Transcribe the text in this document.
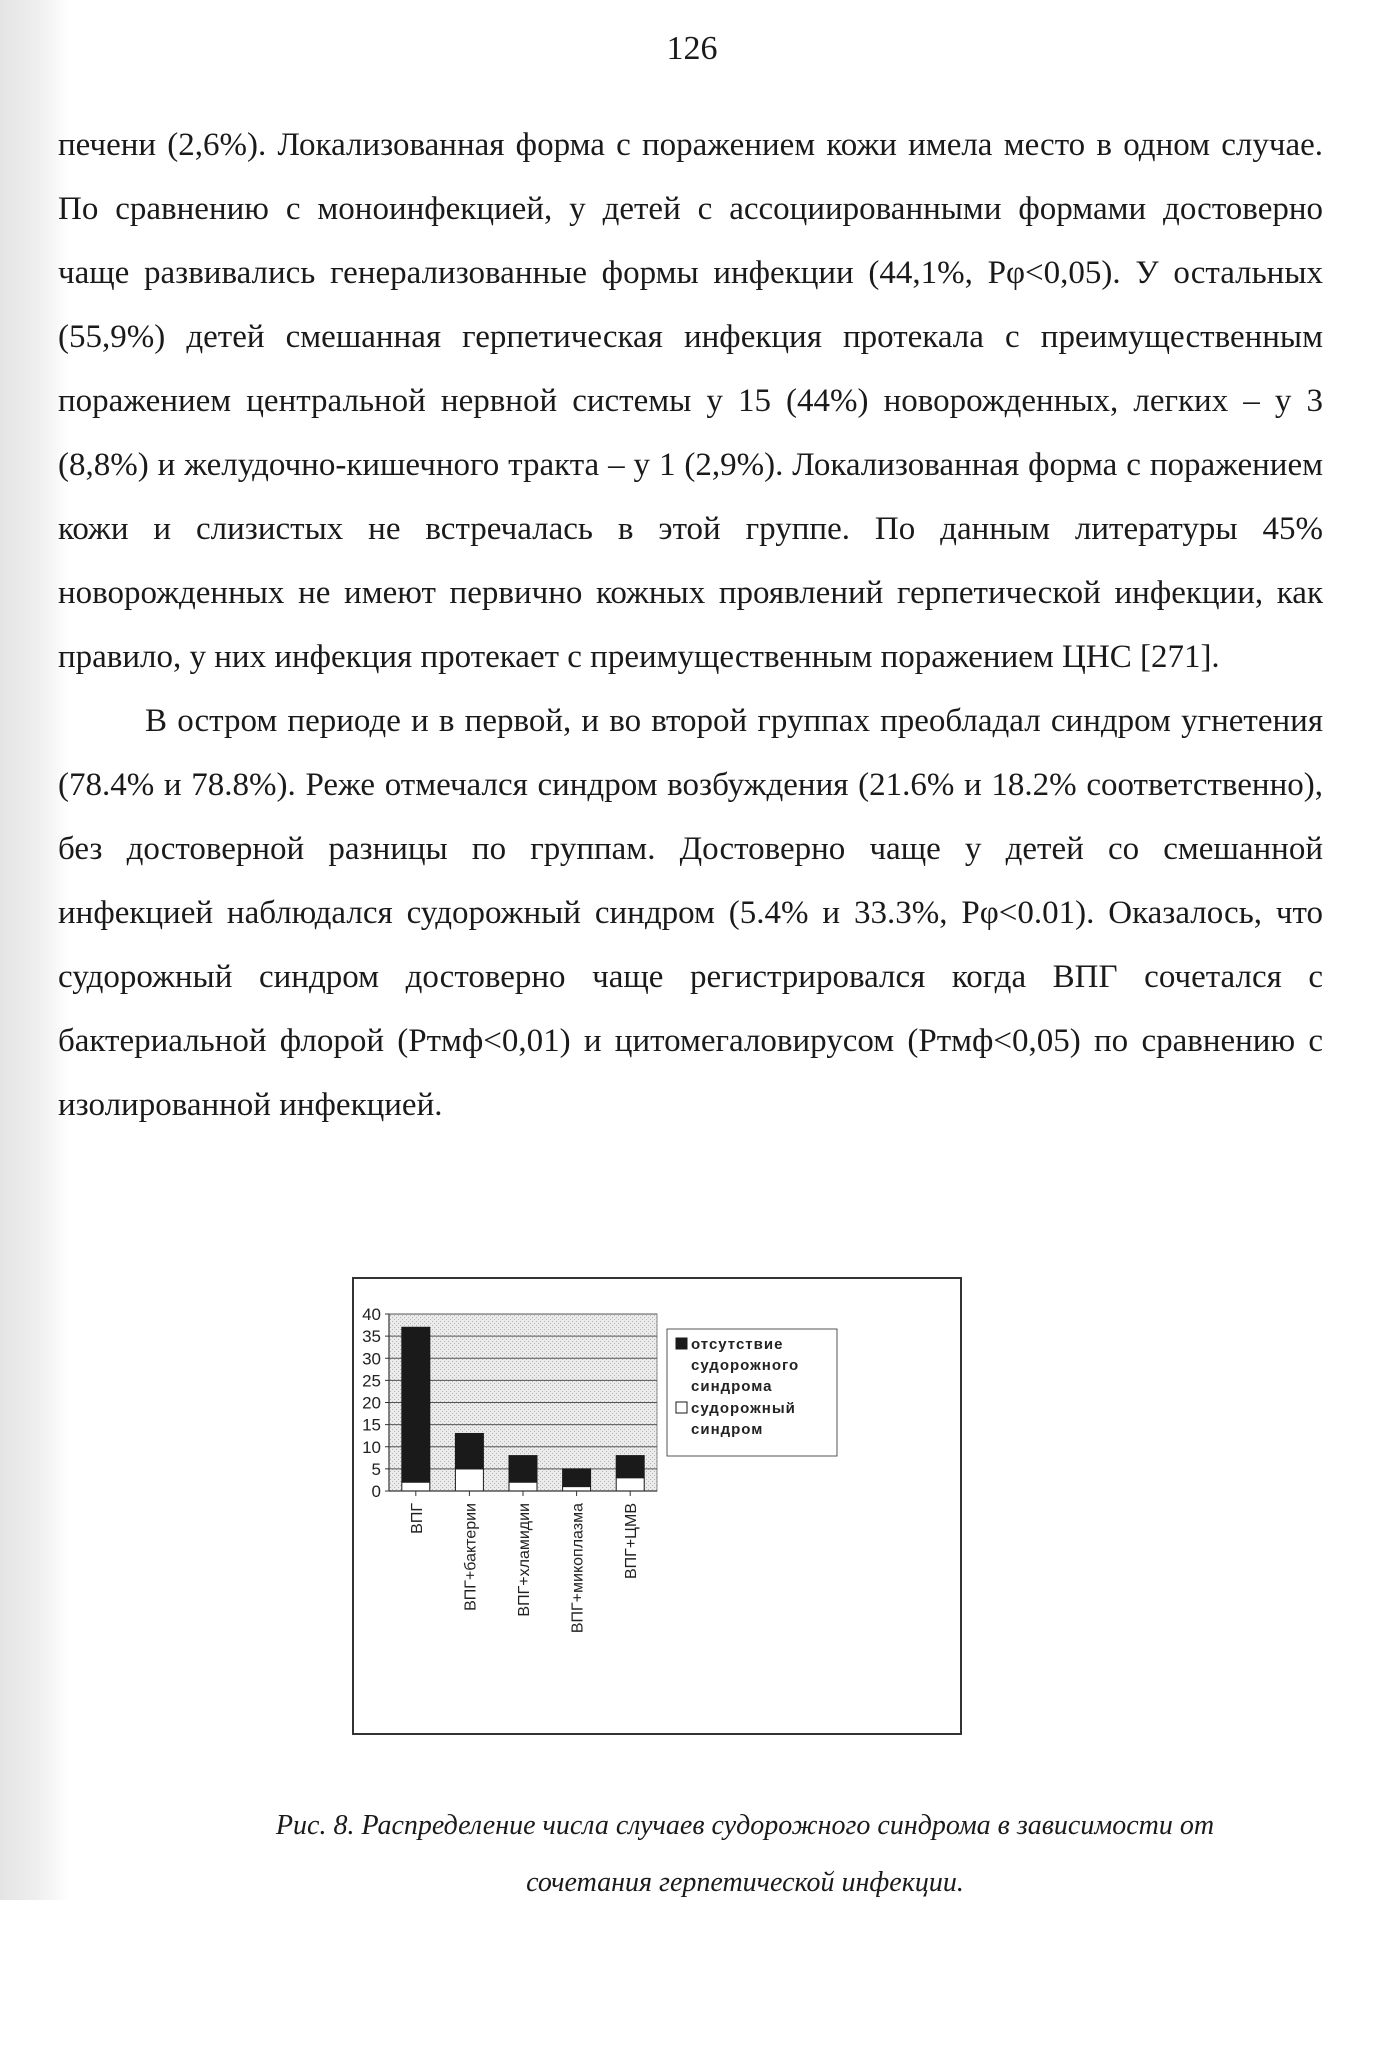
126

печени (2,6%). Локализованная форма с поражением кожи имела место в одном случае. По сравнению с моноинфекцией, у детей с ассоциированными формами достоверно чаще развивались генерализованные формы инфекции (44,1%, Рφ<0,05). У остальных (55,9%) детей смешанная герпетическая инфекция протекала с преимущественным поражением центральной нервной системы у 15 (44%) новорожденных, легких – у 3 (8,8%) и желудочно-кишечного тракта – у 1 (2,9%). Локализованная форма с поражением кожи и слизистых не встречалась в этой группе. По данным литературы 45% новорожденных не имеют первично кожных проявлений герпетической инфекции, как правило, у них инфекция протекает с преимущественным поражением ЦНС [271].

В остром периоде и в первой, и во второй группах преобладал синдром угнетения (78.4% и 78.8%). Реже отмечался синдром возбуждения (21.6% и 18.2% соответственно), без достоверной разницы по группам. Достоверно чаще у детей со смешанной инфекцией наблюдался судорожный синдром (5.4% и 33.3%, Рφ<0.01). Оказалось, что судорожный синдром достоверно чаще регистрировался когда ВПГ сочетался с бактериальной флорой (Ртмф<0,01) и цитомегаловирусом (Ртмф<0,05) по сравнению с изолированной инфекцией.

0
5
10
15
20
25
30
35
40
ВПГ ВПГ+бактерии ВПГ+хламидии ВПГ+микоплазма ВПГ+ЦМВ
отсутствие
судорожного
синдрома
судорожный
синдром

Рис. 8. Распределение числа случаев судорожного синдрома в зависимости от

сочетания герпетической инфекции.
